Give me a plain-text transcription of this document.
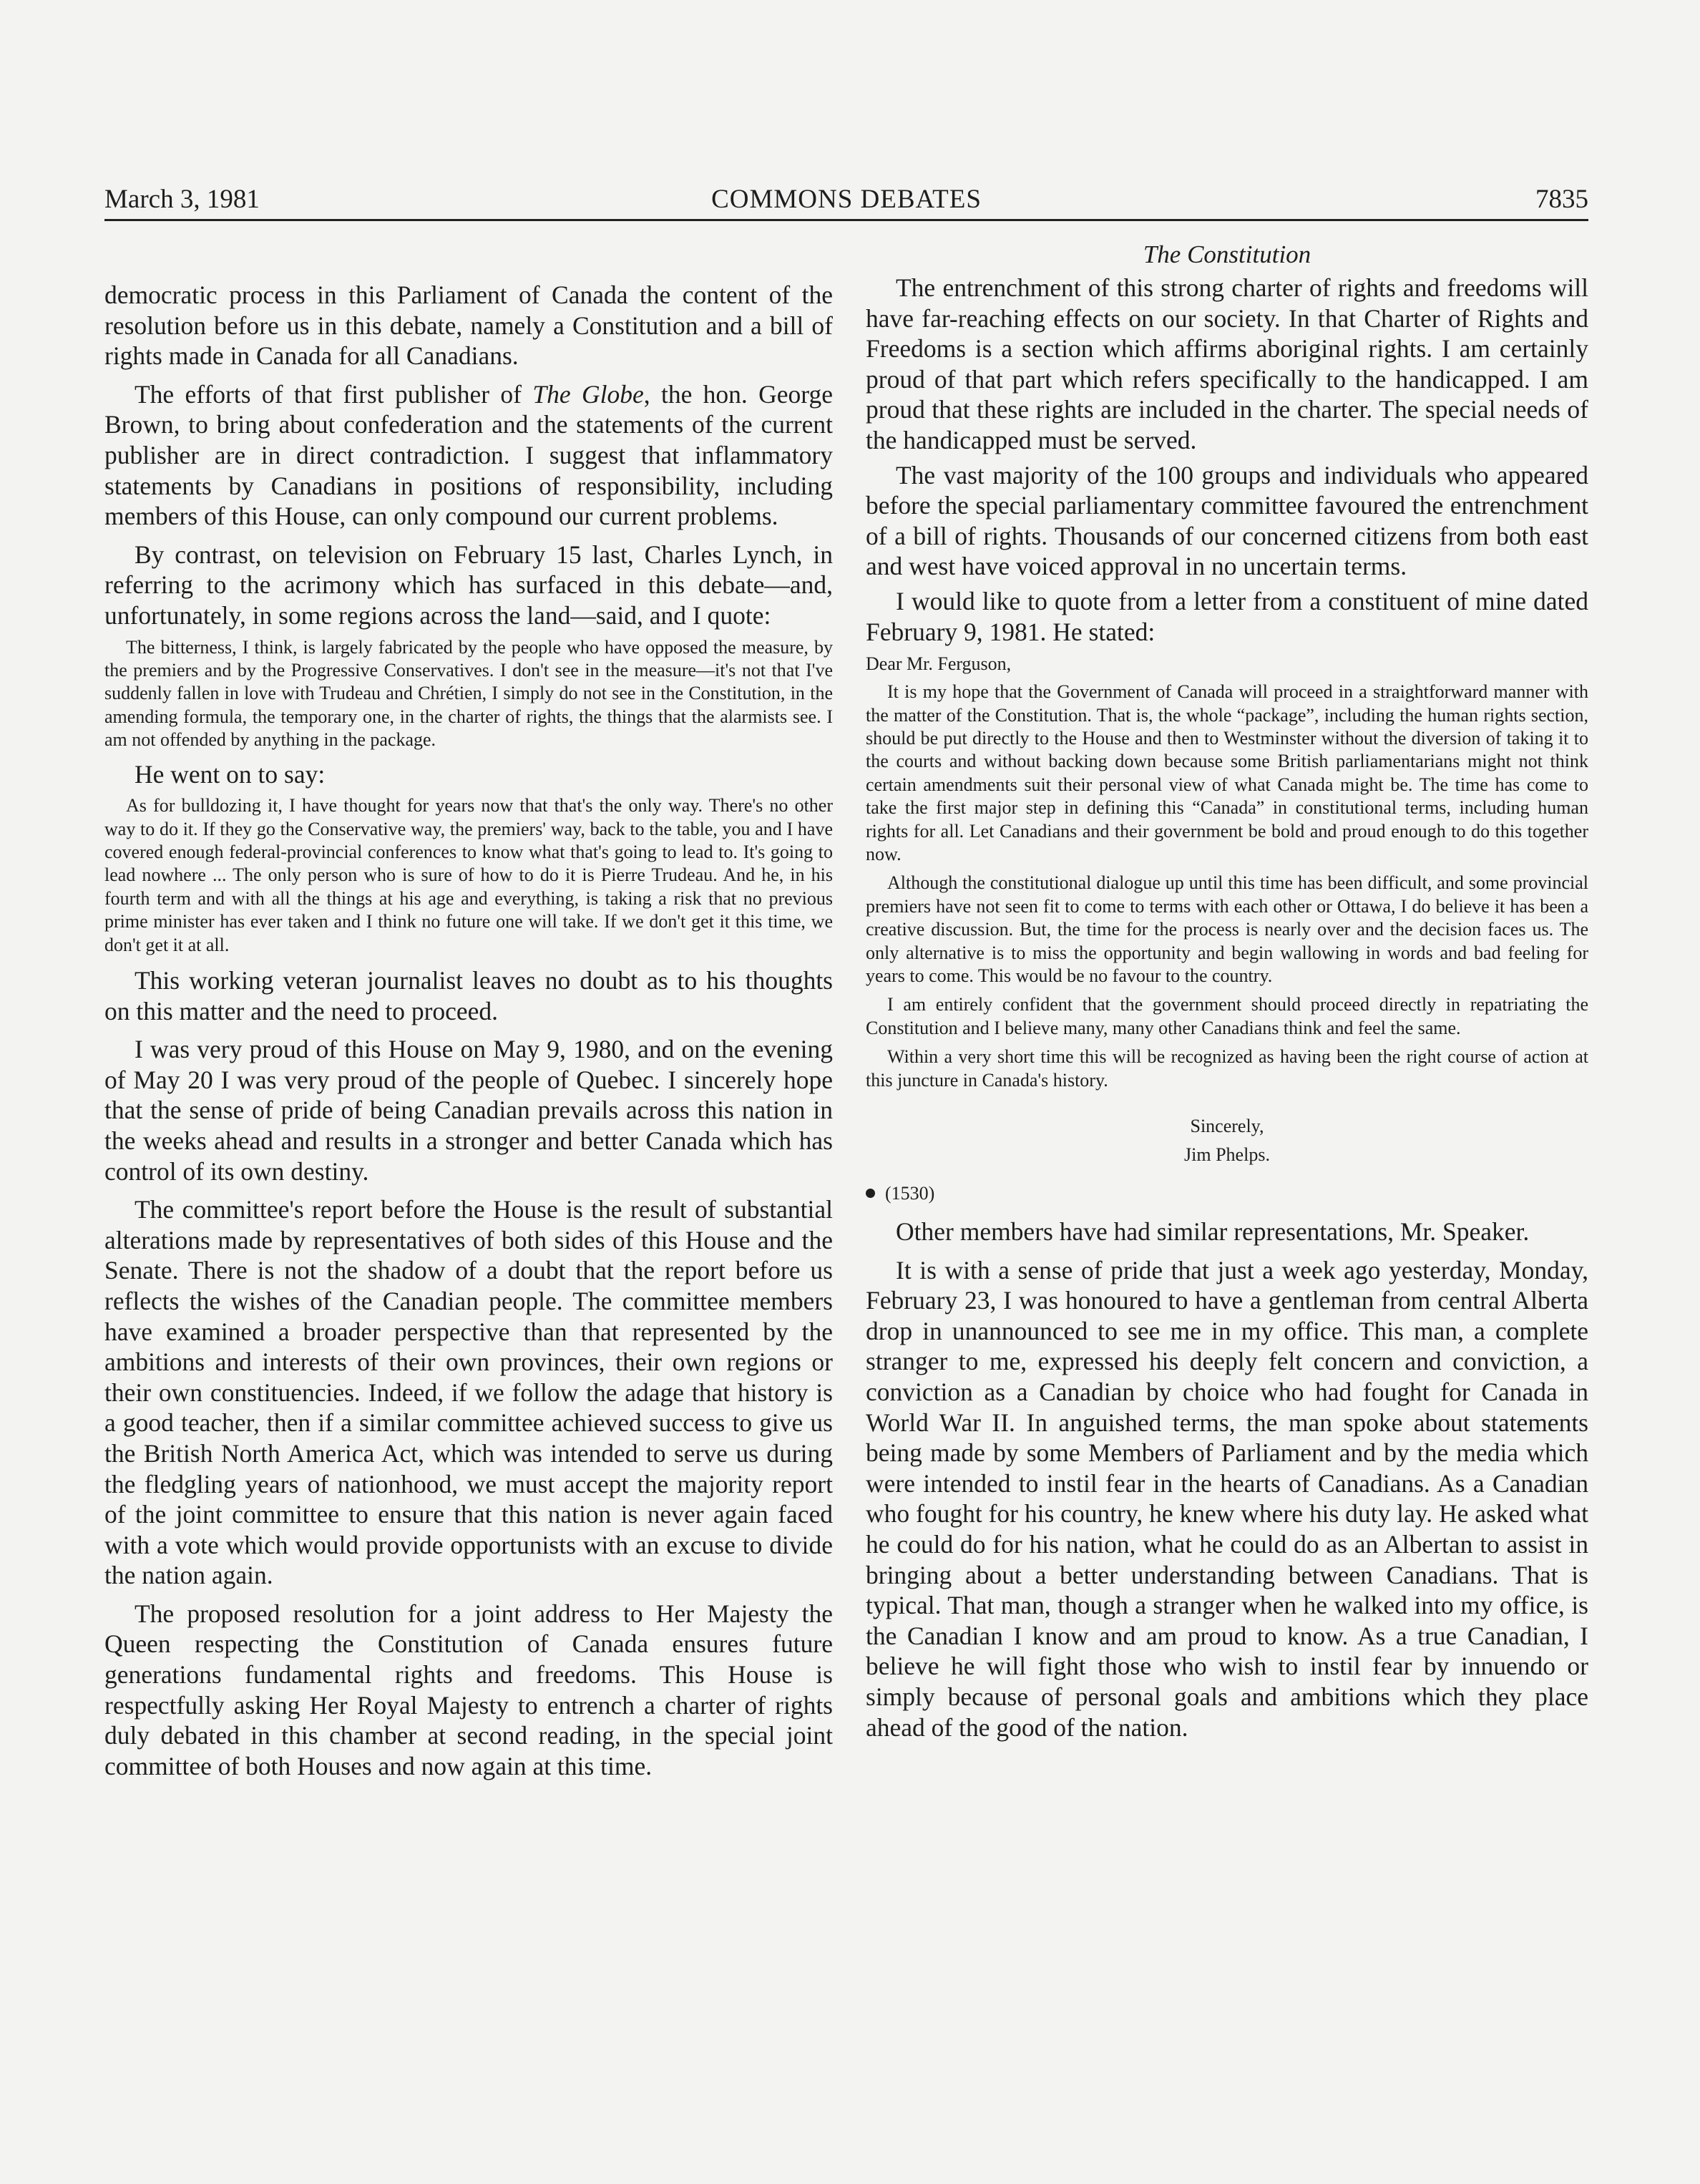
March 3, 1981	COMMONS DEBATES	7835

democratic process in this Parliament of Canada the content of the resolution before us in this debate, namely a Constitution and a bill of rights made in Canada for all Canadians.

The efforts of that first publisher of The Globe, the hon. George Brown, to bring about confederation and the statements of the current publisher are in direct contradiction. I suggest that inflammatory statements by Canadians in positions of responsibility, including members of this House, can only compound our current problems.

By contrast, on television on February 15 last, Charles Lynch, in referring to the acrimony which has surfaced in this debate—and, unfortunately, in some regions across the land—said, and I quote:

The bitterness, I think, is largely fabricated by the people who have opposed the measure, by the premiers and by the Progressive Conservatives. I don't see in the measure—it's not that I've suddenly fallen in love with Trudeau and Chrétien, I simply do not see in the Constitution, in the amending formula, the temporary one, in the charter of rights, the things that the alarmists see. I am not offended by anything in the package.

He went on to say:

As for bulldozing it, I have thought for years now that that's the only way. There's no other way to do it. If they go the Conservative way, the premiers' way, back to the table, you and I have covered enough federal-provincial conferences to know what that's going to lead to. It's going to lead nowhere ... The only person who is sure of how to do it is Pierre Trudeau. And he, in his fourth term and with all the things at his age and everything, is taking a risk that no previous prime minister has ever taken and I think no future one will take. If we don't get it this time, we don't get it at all.

This working veteran journalist leaves no doubt as to his thoughts on this matter and the need to proceed.

I was very proud of this House on May 9, 1980, and on the evening of May 20 I was very proud of the people of Quebec. I sincerely hope that the sense of pride of being Canadian prevails across this nation in the weeks ahead and results in a stronger and better Canada which has control of its own destiny.

The committee's report before the House is the result of substantial alterations made by representatives of both sides of this House and the Senate. There is not the shadow of a doubt that the report before us reflects the wishes of the Canadian people. The committee members have examined a broader perspective than that represented by the ambitions and interests of their own provinces, their own regions or their own constituencies. Indeed, if we follow the adage that history is a good teacher, then if a similar committee achieved success to give us the British North America Act, which was intended to serve us during the fledgling years of nationhood, we must accept the majority report of the joint committee to ensure that this nation is never again faced with a vote which would provide opportunists with an excuse to divide the nation again.

The proposed resolution for a joint address to Her Majesty the Queen respecting the Constitution of Canada ensures future generations fundamental rights and freedoms. This House is respectfully asking Her Royal Majesty to entrench a charter of rights duly debated in this chamber at second reading, in the special joint committee of both Houses and now again at this time.

The Constitution

The entrenchment of this strong charter of rights and freedoms will have far-reaching effects on our society. In that Charter of Rights and Freedoms is a section which affirms aboriginal rights. I am certainly proud of that part which refers specifically to the handicapped. I am proud that these rights are included in the charter. The special needs of the handicapped must be served.

The vast majority of the 100 groups and individuals who appeared before the special parliamentary committee favoured the entrenchment of a bill of rights. Thousands of our concerned citizens from both east and west have voiced approval in no uncertain terms.

I would like to quote from a letter from a constituent of mine dated February 9, 1981. He stated:

Dear Mr. Ferguson,

It is my hope that the Government of Canada will proceed in a straightforward manner with the matter of the Constitution. That is, the whole “package”, including the human rights section, should be put directly to the House and then to Westminster without the diversion of taking it to the courts and without backing down because some British parliamentarians might not think certain amendments suit their personal view of what Canada might be. The time has come to take the first major step in defining this “Canada” in constitutional terms, including human rights for all. Let Canadians and their government be bold and proud enough to do this together now.

Although the constitutional dialogue up until this time has been difficult, and some provincial premiers have not seen fit to come to terms with each other or Ottawa, I do believe it has been a creative discussion. But, the time for the process is nearly over and the decision faces us. The only alternative is to miss the opportunity and begin wallowing in words and bad feeling for years to come. This would be no favour to the country.

I am entirely confident that the government should proceed directly in repatriating the Constitution and I believe many, many other Canadians think and feel the same.

Within a very short time this will be recognized as having been the right course of action at this juncture in Canada's history.

Sincerely,
Jim Phelps.
(1530)

Other members have had similar representations, Mr. Speaker.

It is with a sense of pride that just a week ago yesterday, Monday, February 23, I was honoured to have a gentleman from central Alberta drop in unannounced to see me in my office. This man, a complete stranger to me, expressed his deeply felt concern and conviction, a conviction as a Canadian by choice who had fought for Canada in World War II. In anguished terms, the man spoke about statements being made by some Members of Parliament and by the media which were intended to instil fear in the hearts of Canadians. As a Canadian who fought for his country, he knew where his duty lay. He asked what he could do for his nation, what he could do as an Albertan to assist in bringing about a better understanding between Canadians. That is typical. That man, though a stranger when he walked into my office, is the Canadian I know and am proud to know. As a true Canadian, I believe he will fight those who wish to instil fear by innuendo or simply because of personal goals and ambitions which they place ahead of the good of the nation.
